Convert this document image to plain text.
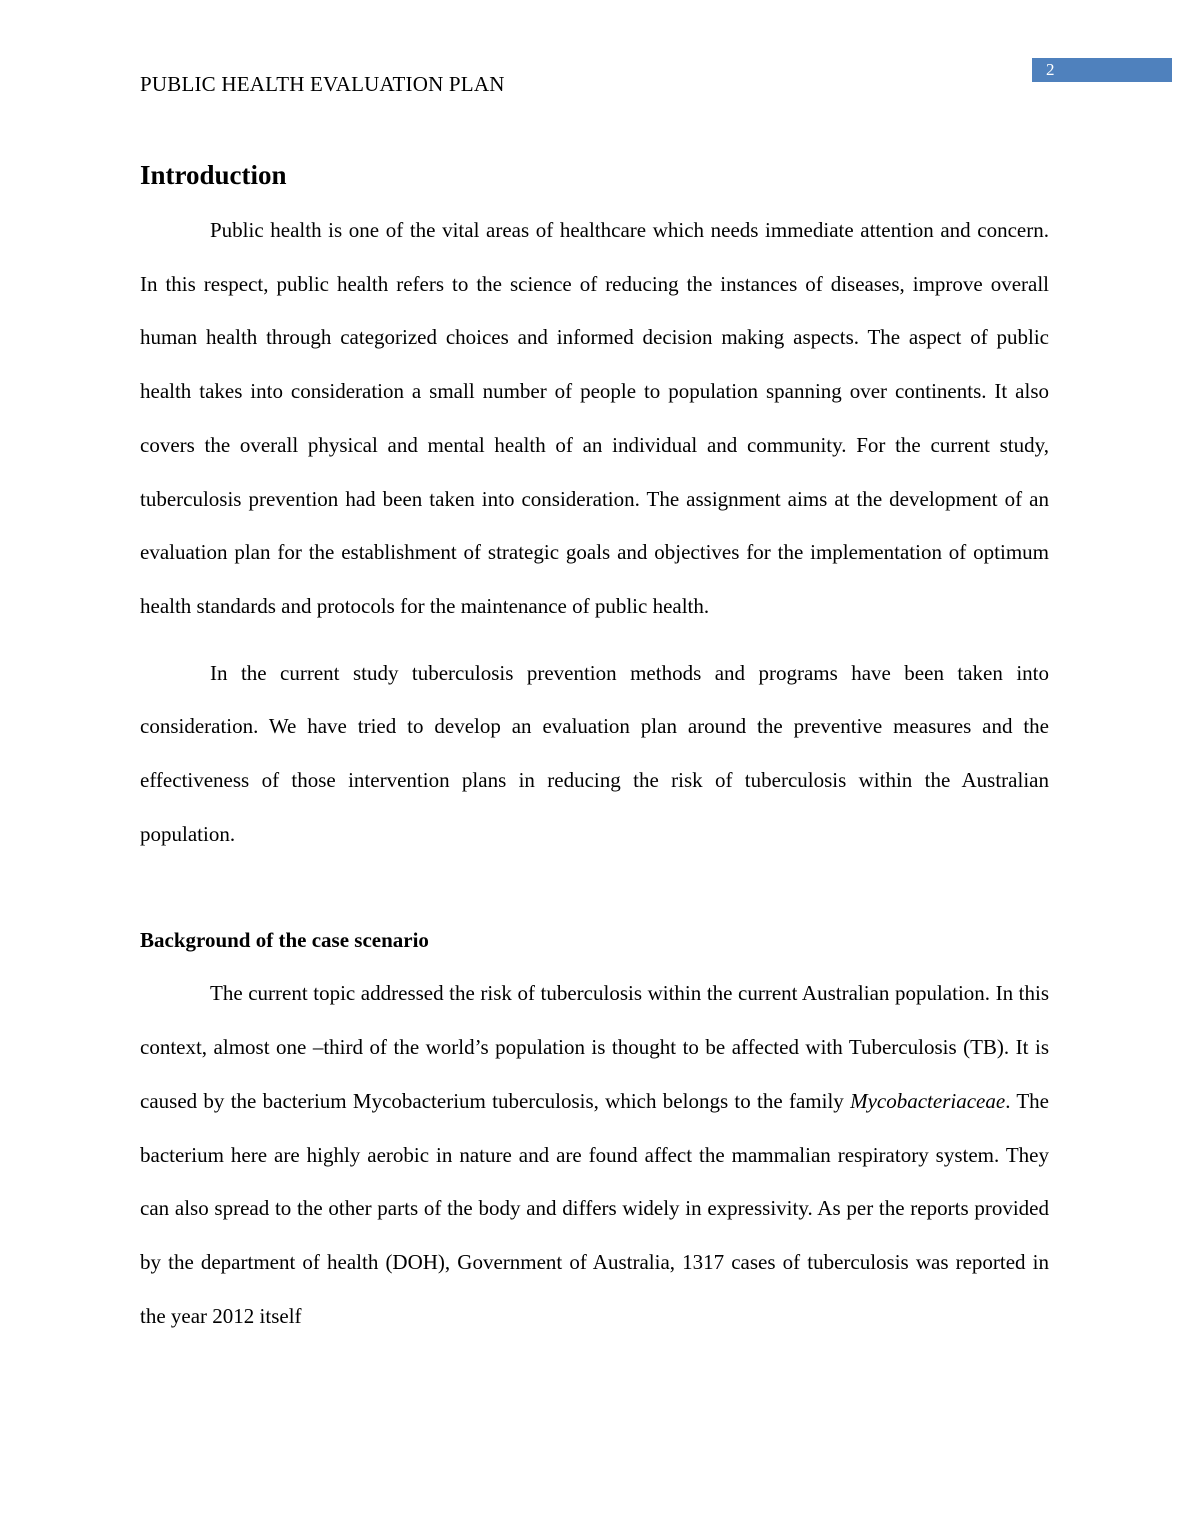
2
PUBLIC HEALTH EVALUATION PLAN
Introduction

Public health is one of the vital areas of healthcare which needs immediate attention and concern. In this respect, public health refers to the science of reducing the instances of diseases, improve overall human health through categorized choices and informed decision making aspects. The aspect of public health takes into consideration a small number of people to population spanning over continents. It also covers the overall physical and mental health of an individual and community. For the current study, tuberculosis prevention had been taken into consideration. The assignment aims at the development of an evaluation plan for the establishment of strategic goals and objectives for the implementation of optimum health standards and protocols for the maintenance of public health.

In the current study tuberculosis prevention methods and programs have been taken into consideration. We have tried to develop an evaluation plan around the preventive measures and the effectiveness of those intervention plans in reducing the risk of tuberculosis within the Australian population.

Background of the case scenario

The current topic addressed the risk of tuberculosis within the current Australian population. In this context, almost one –third of the world’s population is thought to be affected with Tuberculosis (TB). It is caused by the bacterium Mycobacterium tuberculosis, which belongs to the family Mycobacteriaceae. The bacterium here are highly aerobic in nature and are found affect the mammalian respiratory system. They can also spread to the other parts of the body and differs widely in expressivity. As per the reports provided by the department of health (DOH), Government of Australia, 1317 cases of tuberculosis was reported in the year 2012 itself
